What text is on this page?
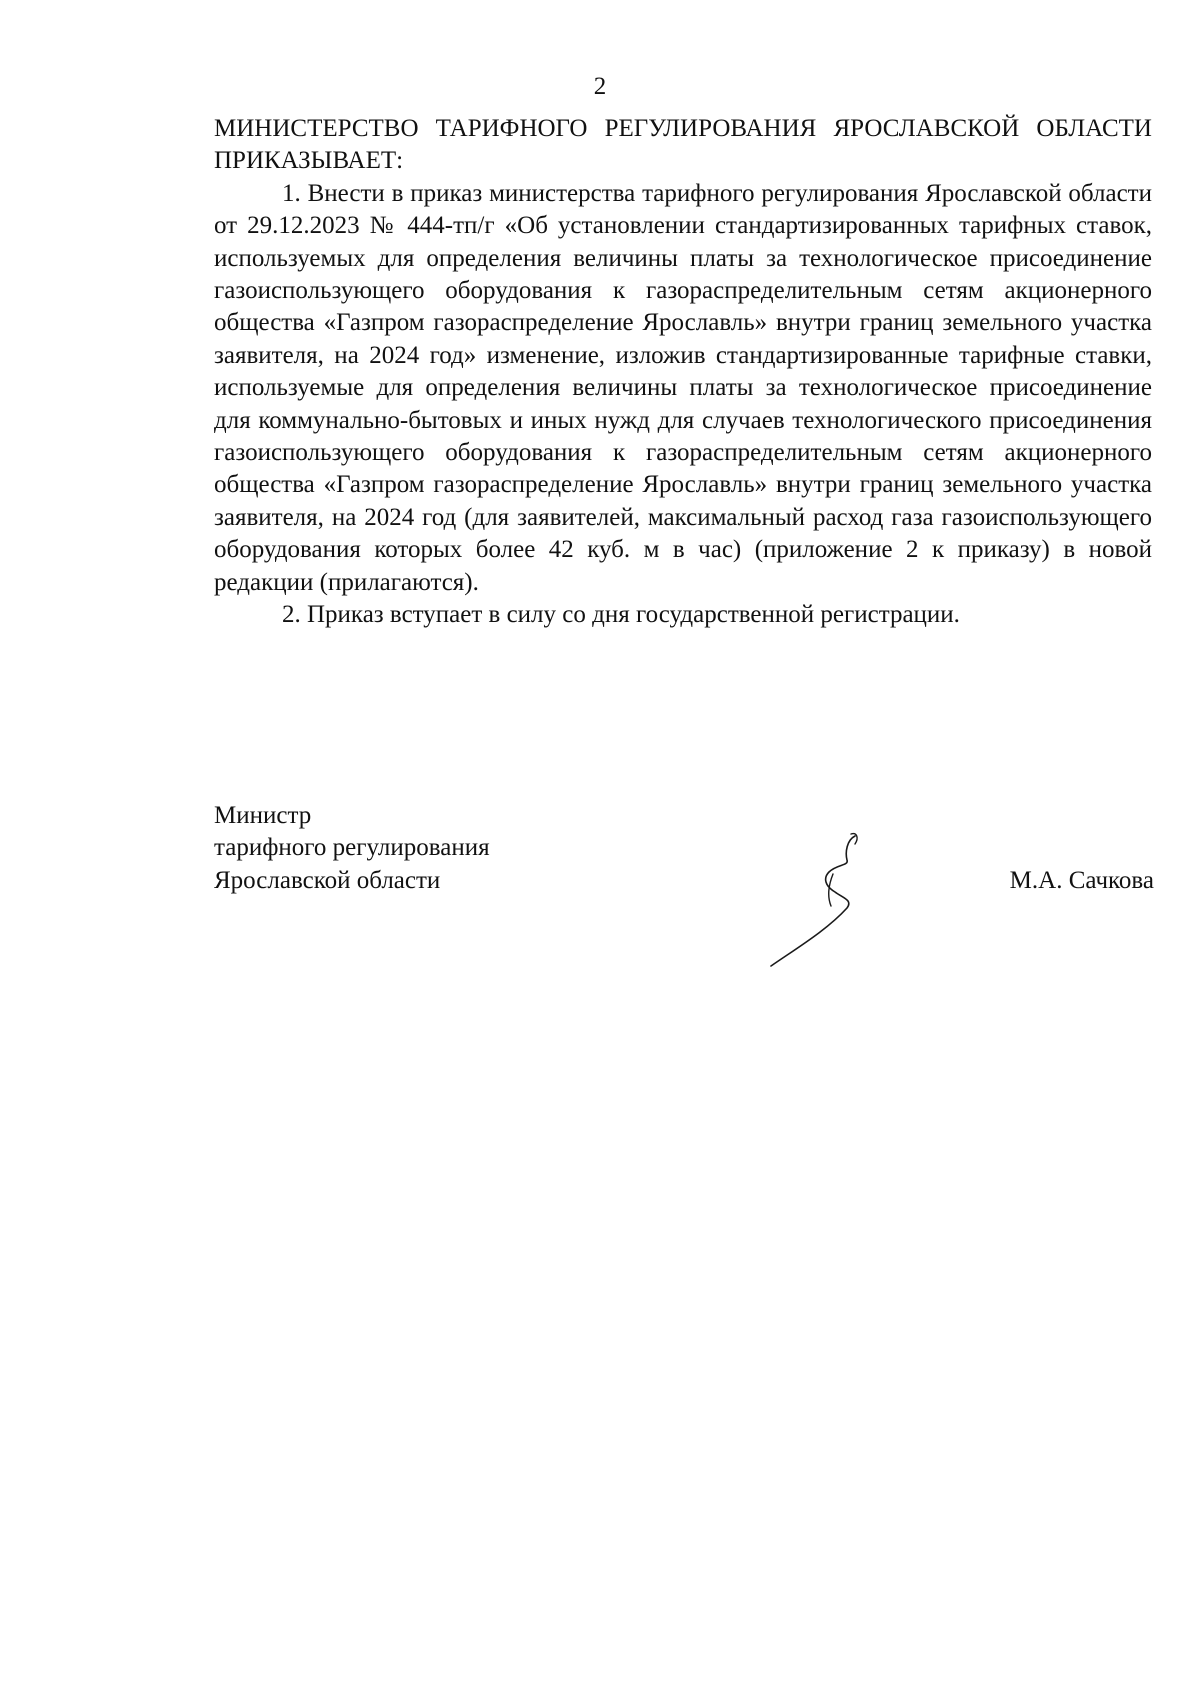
2

МИНИСТЕРСТВО ТАРИФНОГО РЕГУЛИРОВАНИЯ ЯРОСЛАВСКОЙ ОБЛАСТИ ПРИКАЗЫВАЕТ:

1. Внести в приказ министерства тарифного регулирования Ярославской области от 29.12.2023 № 444-тп/г «Об установлении стандартизированных тарифных ставок, используемых для определения величины платы за технологическое присоединение газоиспользующего оборудования к газораспределительным сетям акционерного общества «Газпром газораспределение Ярославль» внутри границ земельного участка заявителя, на 2024 год» изменение, изложив стандартизированные тарифные ставки, используемые для определения величины платы за технологическое присоединение для коммунально-бытовых и иных нужд для случаев технологического присоединения газоиспользующего оборудования к газораспределительным сетям акционерного общества «Газпром газораспределение Ярославль» внутри границ земельного участка заявителя, на 2024 год (для заявителей, максимальный расход газа газоиспользующего оборудования которых более 42 куб. м в час) (приложение 2 к приказу) в новой редакции (прилагаются).

2. Приказ вступает в силу со дня государственной регистрации.

Министр
тарифного регулирования
Ярославской области	М.А. Сачкова
